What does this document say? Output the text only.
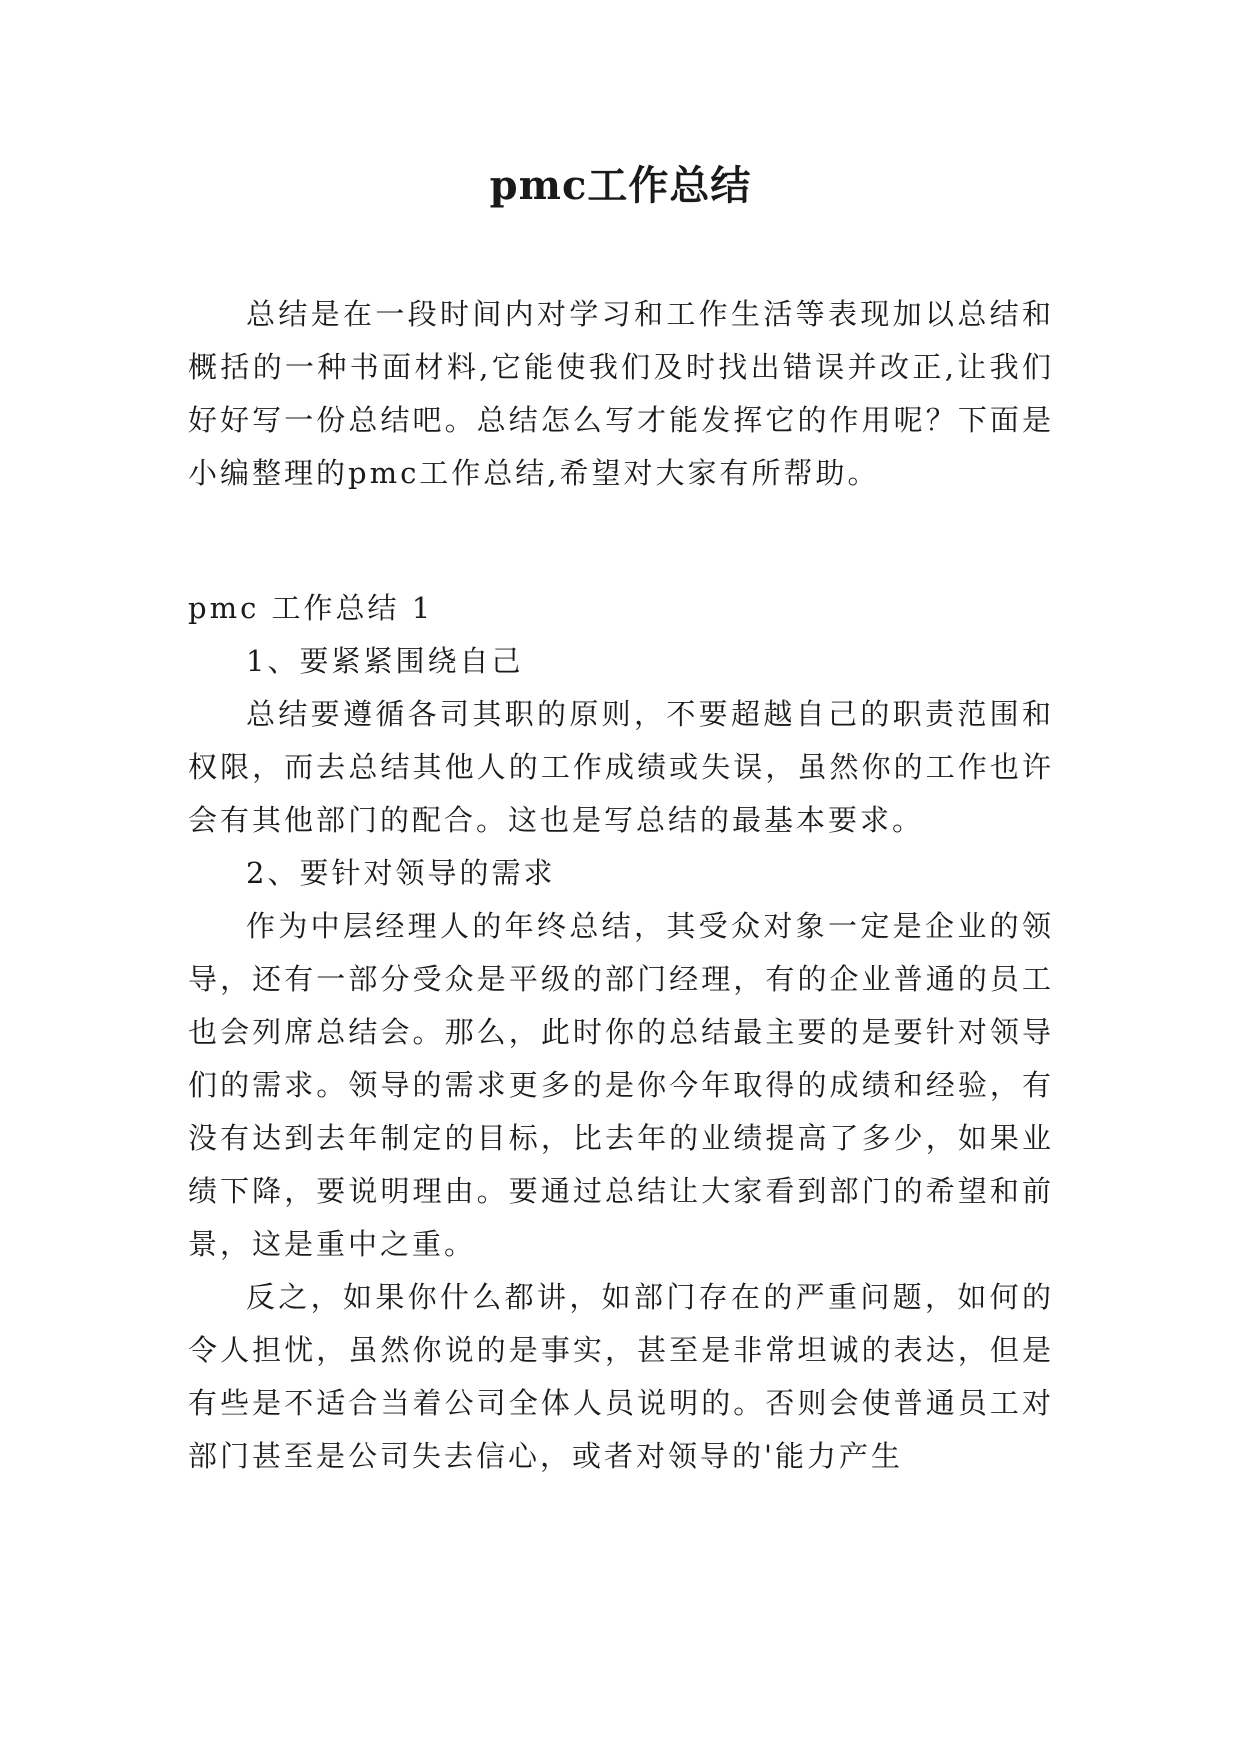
pmc工作总结

总结是在一段时间内对学习和工作生活等表现加以总结和概括的一种书面材料,它能使我们及时找出错误并改正,让我们好好写一份总结吧。总结怎么写才能发挥它的作用呢？下面是小编整理的pmc工作总结,希望对大家有所帮助。

pmc 工作总结 1

1、要紧紧围绕自己

总结要遵循各司其职的原则，不要超越自己的职责范围和权限，而去总结其他人的工作成绩或失误，虽然你的工作也许会有其他部门的配合。这也是写总结的最基本要求。

2、要针对领导的需求

作为中层经理人的年终总结，其受众对象一定是企业的领导，还有一部分受众是平级的部门经理，有的企业普通的员工也会列席总结会。那么，此时你的总结最主要的是要针对领导们的需求。领导的需求更多的是你今年取得的成绩和经验，有没有达到去年制定的目标，比去年的业绩提高了多少，如果业绩下降，要说明理由。要通过总结让大家看到部门的希望和前景，这是重中之重。

反之，如果你什么都讲，如部门存在的严重问题，如何的令人担忧，虽然你说的是事实，甚至是非常坦诚的表达，但是有些是不适合当着公司全体人员说明的。否则会使普通员工对部门甚至是公司失去信心，或者对领导的'能力产生
